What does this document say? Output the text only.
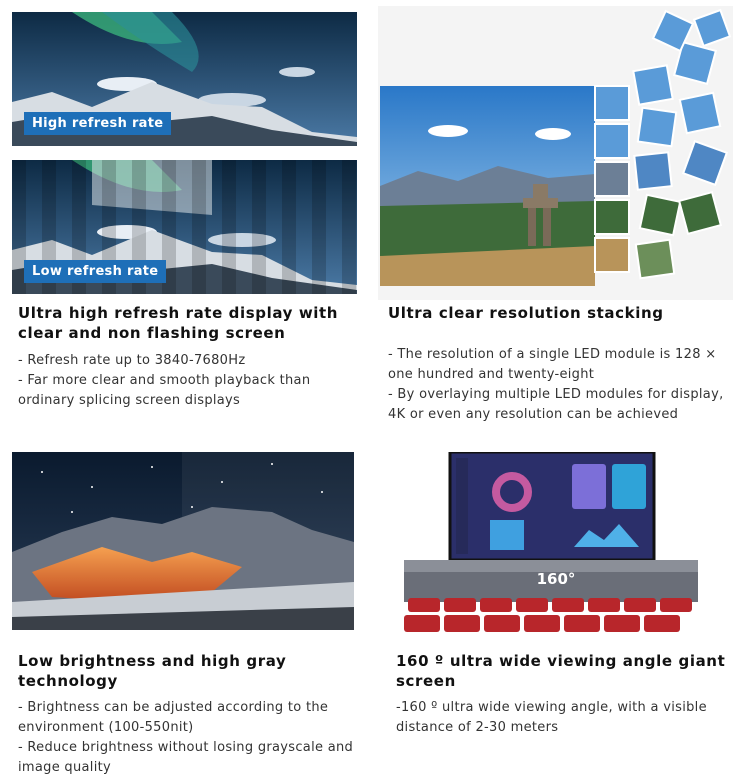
High refresh rate
Low refresh rate
Ultra high refresh rate display with clear and non flashing screen

- Refresh rate up to 3840-7680Hz

- Far more clear and smooth playback than ordinary splicing screen displays

Ultra clear resolution stacking

- The resolution of a single LED module is 128 × one hundred and twenty-eight

- By overlaying multiple LED modules for display, 4K or even any resolution can be achieved

Low brightness and high gray technology

- Brightness can be adjusted according to the environment (100-550nit)

- Reduce brightness without losing grayscale and image quality

160°
160 º ultra wide viewing angle giant screen

-160 º ultra wide viewing angle, with a visible distance of 2-30 meters
